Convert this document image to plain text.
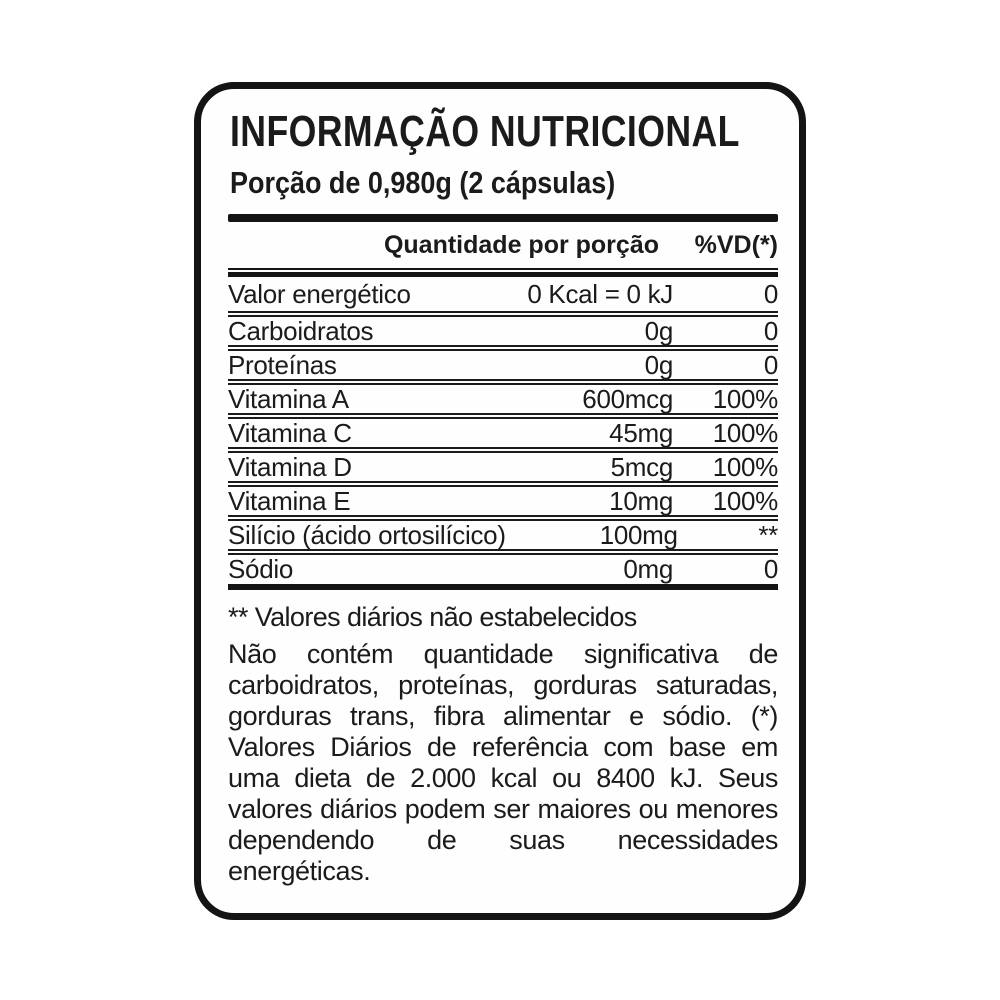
INFORMAÇÃO NUTRICIONAL
Porção de 0,980g (2 cápsulas)
Quantidade por porção	%VD(*)
Valor energético	0 Kcal = 0 kJ	0
Carboidratos	0g	0
Proteínas	0g	0
Vitamina A	600mcg	100%
Vitamina C	45mg	100%
Vitamina D	5mcg	100%
Vitamina E	10mg	100%
Silício (ácido ortosilícico)	100mg	**
Sódio	0mg	0
** Valores diários não estabelecidos
Não contém quantidade significativa de carboidratos, proteínas, gorduras saturadas, gorduras trans, fibra alimentar e sódio. (*) Valores Diários de referência com base em uma dieta de 2.000 kcal ou 8400 kJ. Seus valores diários podem ser maiores ou menores dependendo de suas necessidades energéticas.
